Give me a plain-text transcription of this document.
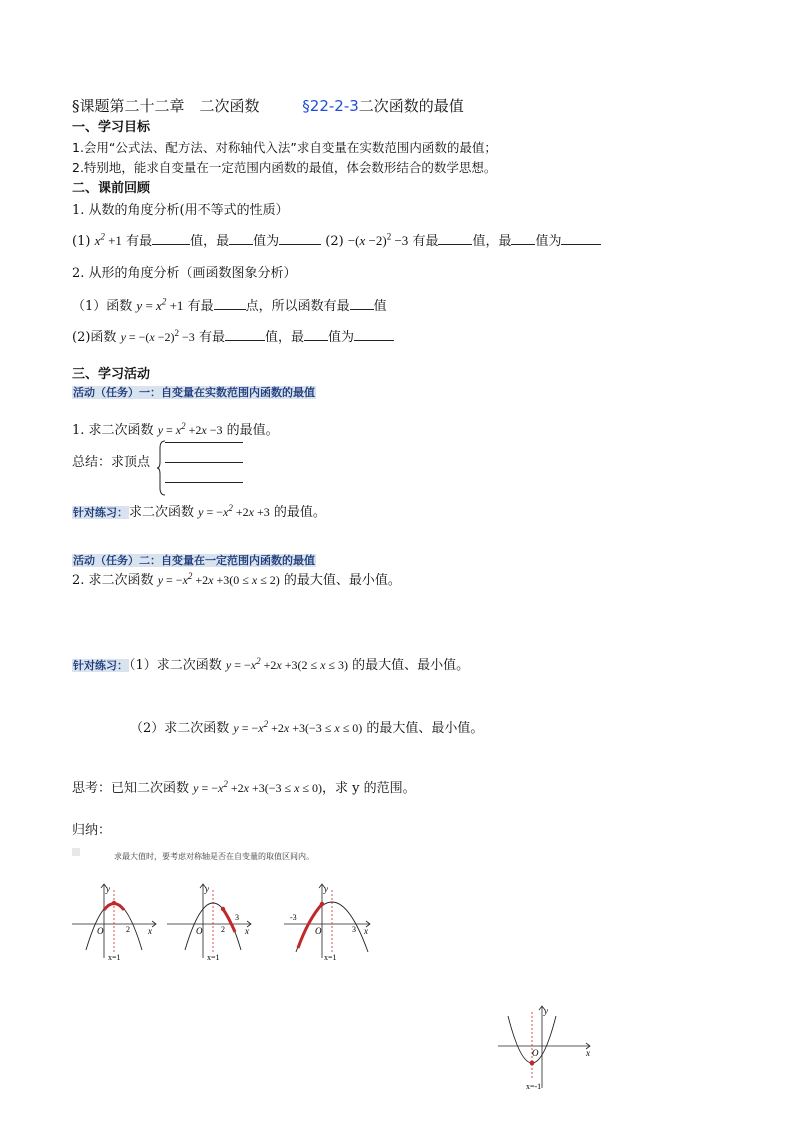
§课题第二十二章　二次函数	§22-2-3二次函数的最值
一、学习目标
1.会用“公式法、配方法、对称轴代入法”求自变量在实数范围内函数的最值；
2.特别地，能求自变量在一定范围内函数的最值，体会数形结合的数学思想。
二、课前回顾
1. 从数的角度分析(用不等式的性质）
(1) $x^2 +1$ 有最	值，最 值为	$(2) -(x -2)^2 -3$ 有最	值，最 值为
2. 从形的角度分析（画函数图象分析）
（1）函数 $y = x^2 +1$ 有最 点，所以函数有最 值
(2)函数 $y = -(x -2)^2 -3$ 有最	值，最 值为
三、学习活动
活动（任务）一：自变量在实数范围内函数的最值
1. 求二次函数 $y = x^2 +2x -3$ 的最值。
总结：求顶点
针对练习：求二次函数 $y = -x^2 +2x +3$ 的最值。
活动（任务）二：自变量在一定范围内函数的最值
2. 求二次函数 $y = -x^2 +2x +3(0 \le x \le 2)$ 的最大值、最小值。
针对练习：（1）求二次函数 $y = -x^2 +2x +3(2 \le x \le 3)$ 的最大值、最小值。
（2）求二次函数 $y = -x^2 +2x +3(-3 \le x \le 0)$ 的最大值、最小值。
思考：已知二次函数 $y = -x^2 +2x +3(-3 \le x \le 0)$，求 y 的范围。
归纳：
求最大值时，要考虑对称轴是否在自变量的取值区间内。
y
x
O	2
x=1
y
x
O 2
3
x=1
y
x
O
-3
3
x=1
y
x
O
x=-1
